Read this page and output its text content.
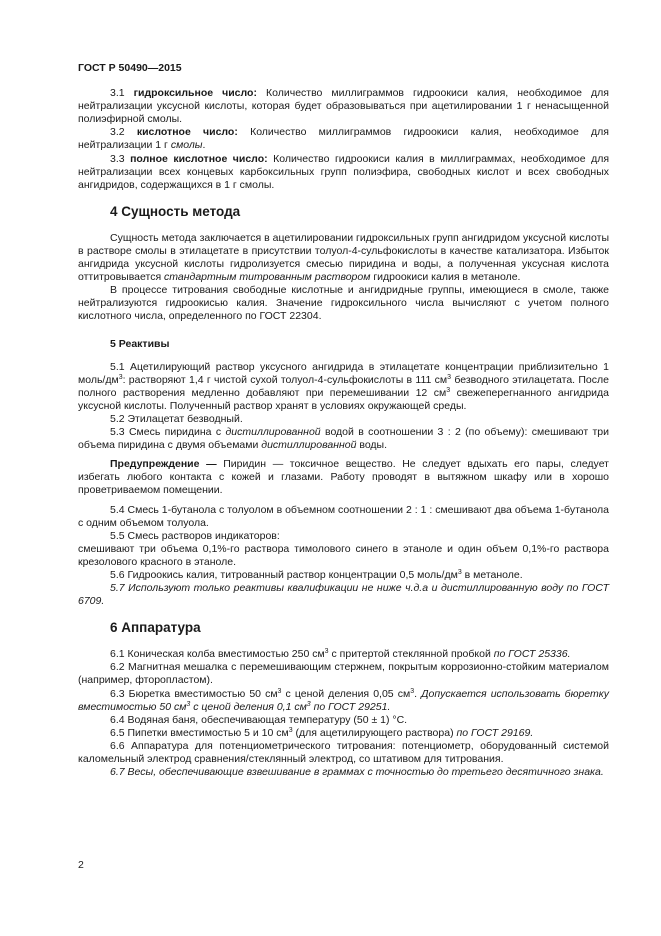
ГОСТ Р 50490—2015

3.1 гидроксильное число: Количество миллиграммов гидроокиси калия, необходимое для нейтрализации уксусной кислоты, которая будет образовываться при ацетилировании 1 г ненасыщенной полиэфирной смолы.

3.2 кислотное число: Количество миллиграммов гидроокиси калия, необходимое для нейтрализации 1 г смолы.

3.3 полное кислотное число: Количество гидроокиси калия в миллиграммах, необходимое для нейтрализации всех концевых карбоксильных групп полиэфира, свободных кислот и всех свободных ангидридов, содержащихся в 1 г смолы.

4 Сущность метода

Сущность метода заключается в ацетилировании гидроксильных групп ангидридом уксусной кислоты в растворе смолы в этилацетате в присутствии толуол-4-сульфокислоты в качестве катализатора. Избыток ангидрида уксусной кислоты гидролизуется смесью пиридина и воды, а полученная уксусная кислота оттитровывается стандартным титрованным раствором гидроокиси калия в метаноле.

В процессе титрования свободные кислотные и ангидридные группы, имеющиеся в смоле, также нейтрализуются гидроокисью калия. Значение гидроксильного числа вычисляют с учетом полного кислотного числа, определенного по ГОСТ 22304.

5 Реактивы

5.1 Ацетилирующий раствор уксусного ангидрида в этилацетате концентрации приблизительно 1 моль/$дм^3$: растворяют 1,4 г чистой сухой толуол-4-сульфокислоты в 111 $см^3$ безводного этилацетата. После полного растворения медленно добавляют при перемешивании 12 $см^3$ свежеперегнанного ангидрида уксусной кислоты. Полученный раствор хранят в условиях окружающей среды.

5.2 Этилацетат безводный.

5.3 Смесь пиридина с дистиллированной водой в соотношении 3 : 2 (по объему): смешивают три объема пиридина с двумя объемами дистиллированной воды.

Предупреждение — Пиридин — токсичное вещество. Не следует вдыхать его пары, следует избегать любого контакта с кожей и глазами. Работу проводят в вытяжном шкафу или в хорошо проветриваемом помещении.

5.4 Смесь 1-бутанола с толуолом в объемном соотношении 2 : 1 : смешивают два объема 1-бутанола с одним объемом толуола.

5.5 Смесь растворов индикаторов:

смешивают три объема 0,1%-го раствора тимолового синего в этаноле и один объем 0,1%-го раствора крезолового красного в этаноле.

5.6 Гидроокись калия, титрованный раствор концентрации 0,5 моль/$дм^3$ в метаноле.

5.7 Используют только реактивы квалификации не ниже ч.д.а и дистиллированную воду по ГОСТ 6709.

6 Аппаратура

6.1 Коническая колба вместимостью 250 $см^3$ с притертой стеклянной пробкой по ГОСТ 25336.

6.2 Магнитная мешалка с перемешивающим стержнем, покрытым коррозионно-стойким материалом (например, фторопластом).

6.3 Бюретка вместимостью 50 $см^3$ с ценой деления 0,05 $см^3$. Допускается использовать бюретку вместимостью 50 $см^3$ с ценой деления 0,1 $см^3$ по ГОСТ 29251.

6.4 Водяная баня, обеспечивающая температуру (50 ± 1) °С.

6.5 Пипетки вместимостью 5 и 10 $см^3$ (для ацетилирующего раствора) по ГОСТ 29169.

6.6 Аппаратура для потенциометрического титрования: потенциометр, оборудованный системой каломельный электрод сравнения/стеклянный электрод, со штативом для титрования.

6.7 Весы, обеспечивающие взвешивание в граммах с точностью до третьего десятичного знака.

2
